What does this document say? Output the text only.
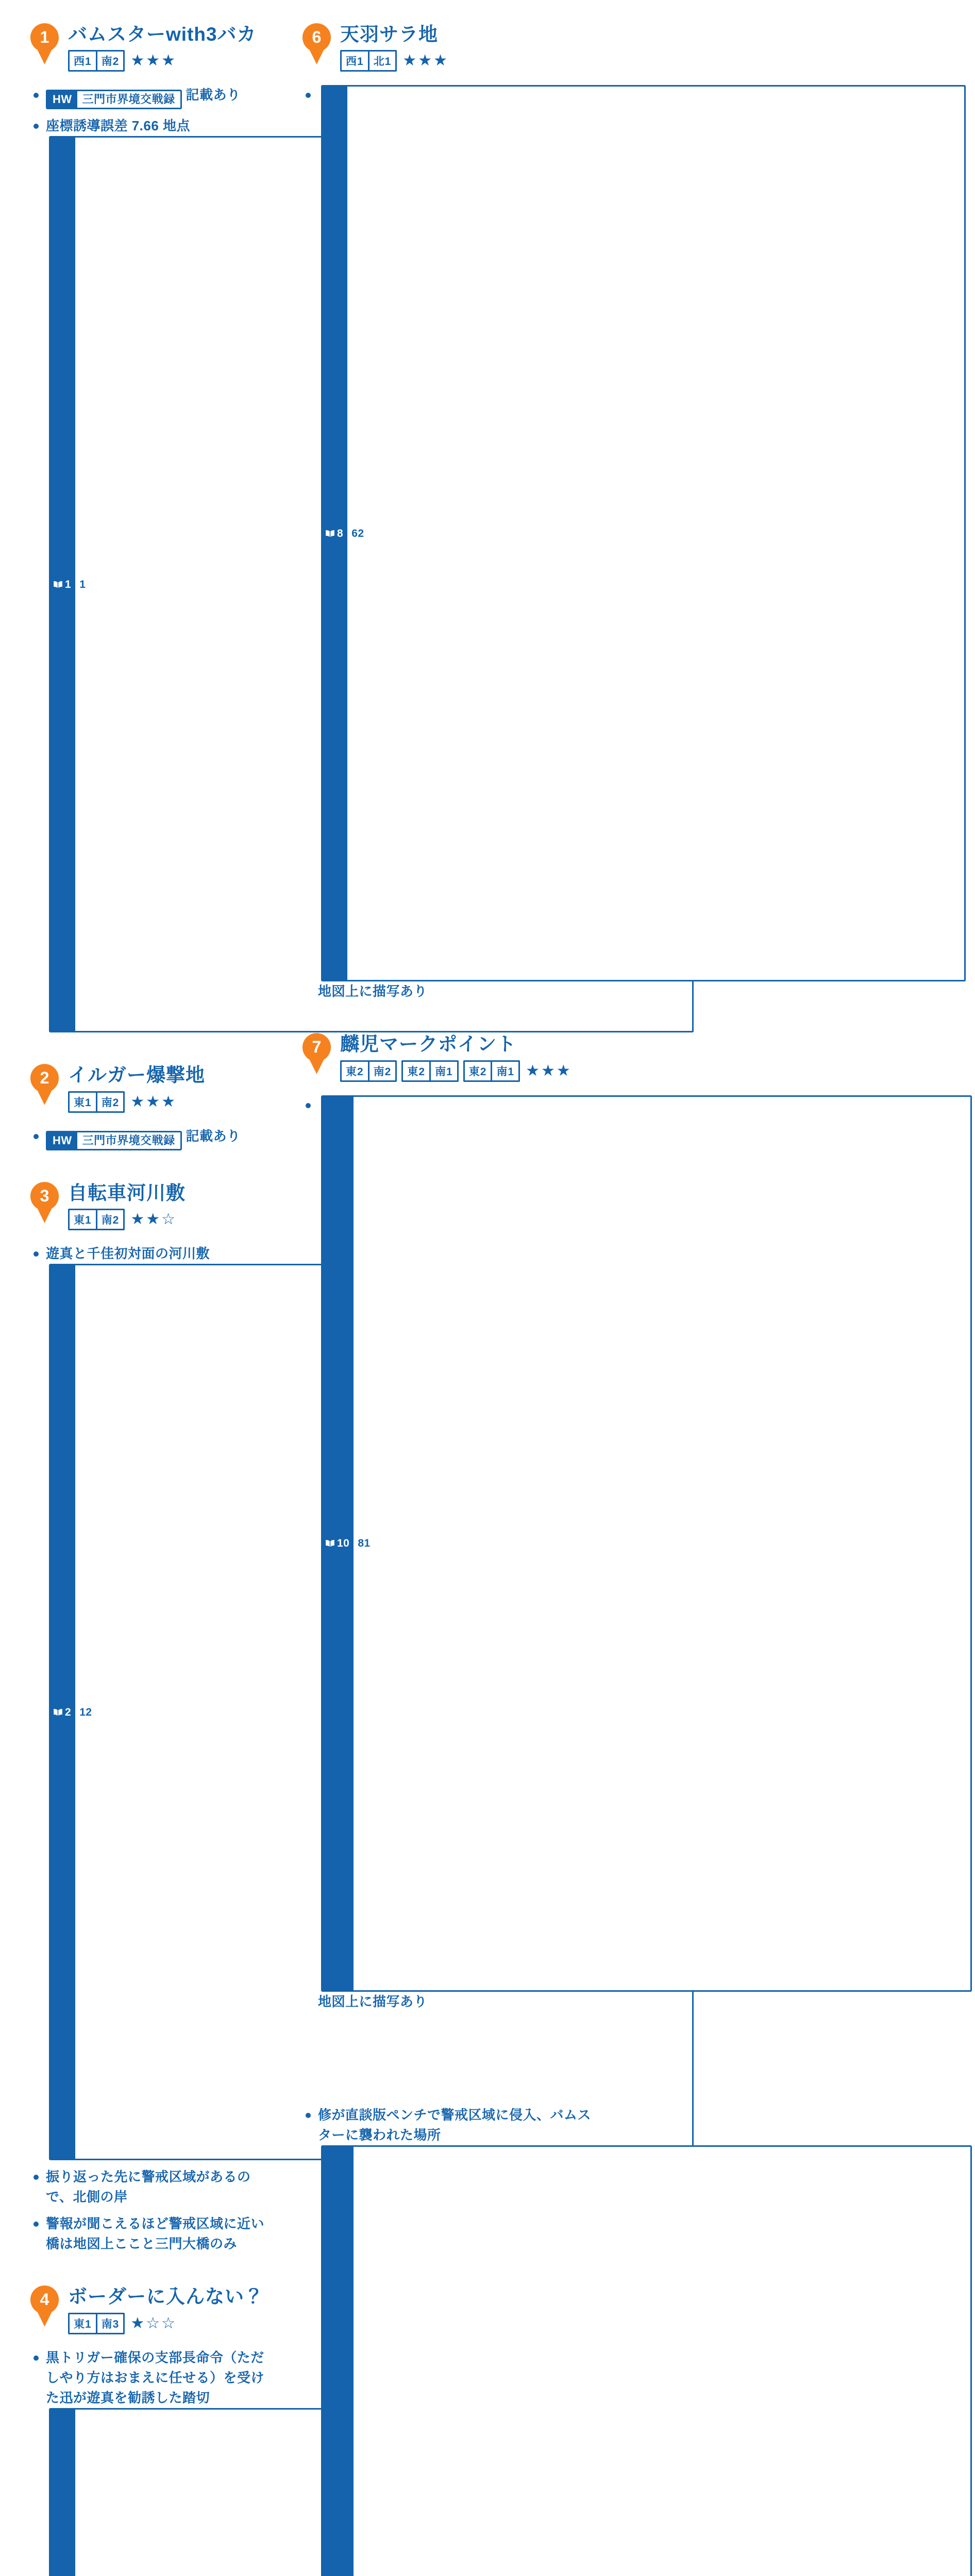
1 バムスターwith3バカ
西1 南2 ★★★
HW 三門市界境交戦録 記載あり
座標誘導誤差 7.66 地点
1 1
2 イルガー爆撃地
東1 南2 ★★★
HW 三門市界境交戦録 記載あり
3 自転車河川敷
東1 南2 ★★☆
遊真と千佳初対面の河川敷
2 12
振り返った先に警戒区域があるので、北側の岸
警報が聞こえるほど警戒区域に近い橋は地図上ここと三門大橋のみ
4 ボーダーに入んない？
東1 南3 ★☆☆
黒トリガー確保の支部長命令（ただしやり方はおまえに任せる）を受けた迅が遊真を勧誘した踏切
6 天羽サラ地
西1 北1 ★★★
8 62
地図上に描写あり
7 麟児マークポイント
東2 南2	東2 南1	東2 南1 ★★★
10 81
地図上に描写あり
修が直談版ペンチで警戒区域に侵入、バムスターに襲われた場所
